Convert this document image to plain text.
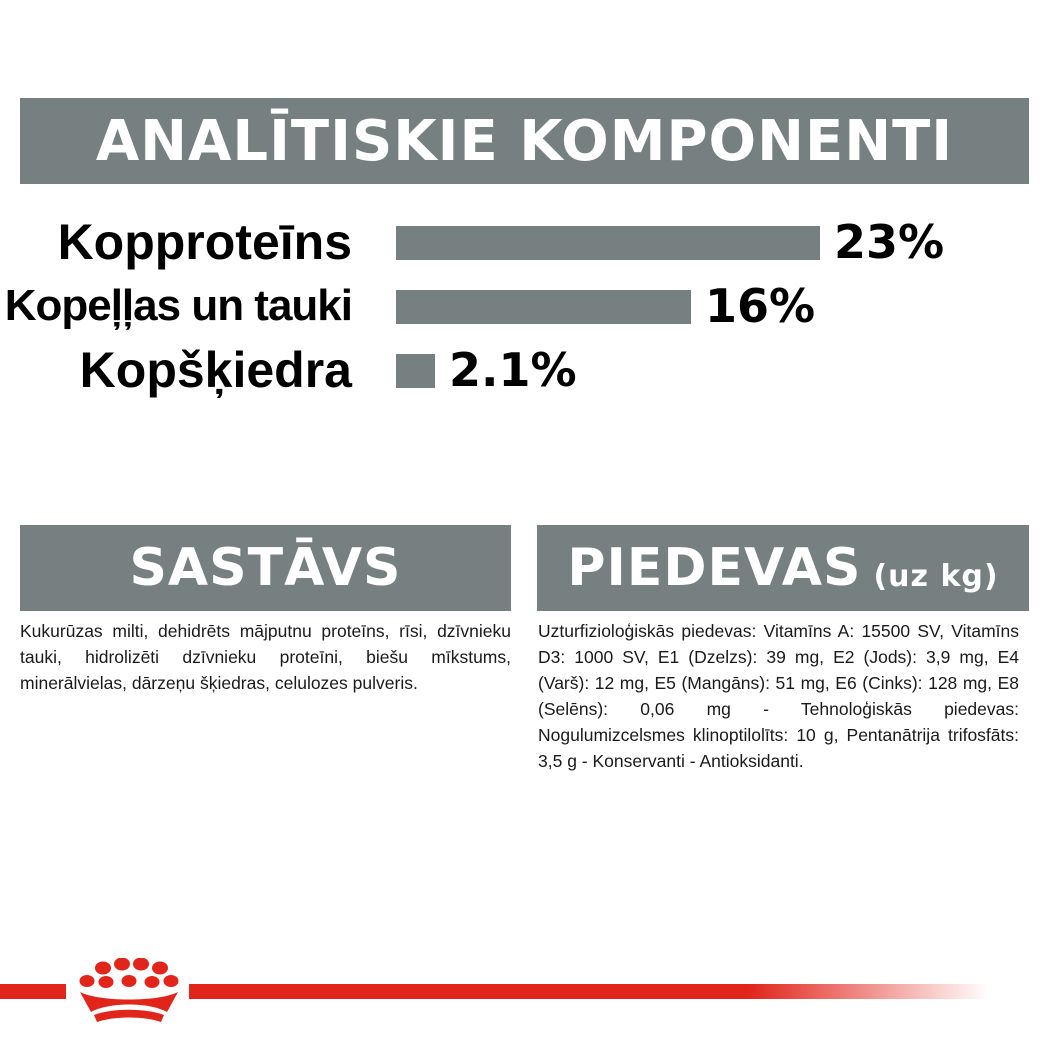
ANALĪTISKIE KOMPONENTI
Kopproteīns	23%
Kopeļļas un tauki	16%
Kopšķiedra 2.1%
SASTĀVS

Kukurūzas milti, dehidrēts mājputnu proteīns, rīsi, dzīvnieku tauki, hidrolizēti dzīvnieku proteīni, biešu mīkstums, minerālvielas, dārzeņu šķiedras, celulozes pulveris.

PIEDEVAS (uz kg)

Uzturfizioloģiskās piedevas: Vitamīns A: 15500 SV, Vitamīns D3: 1000 SV, E1 (Dzelzs): 39 mg, E2 (Jods): 3,9 mg, E4 (Varš): 12 mg, E5 (Mangāns): 51 mg, E6 (Cinks): 128 mg, E8 (Selēns): 0,06 mg - Tehnoloģiskās piedevas: Nogulumizcelsmes klinoptilolīts: 10 g, Pentanātrija trifosfāts: 3,5 g - Konservanti - Antioksidanti.
